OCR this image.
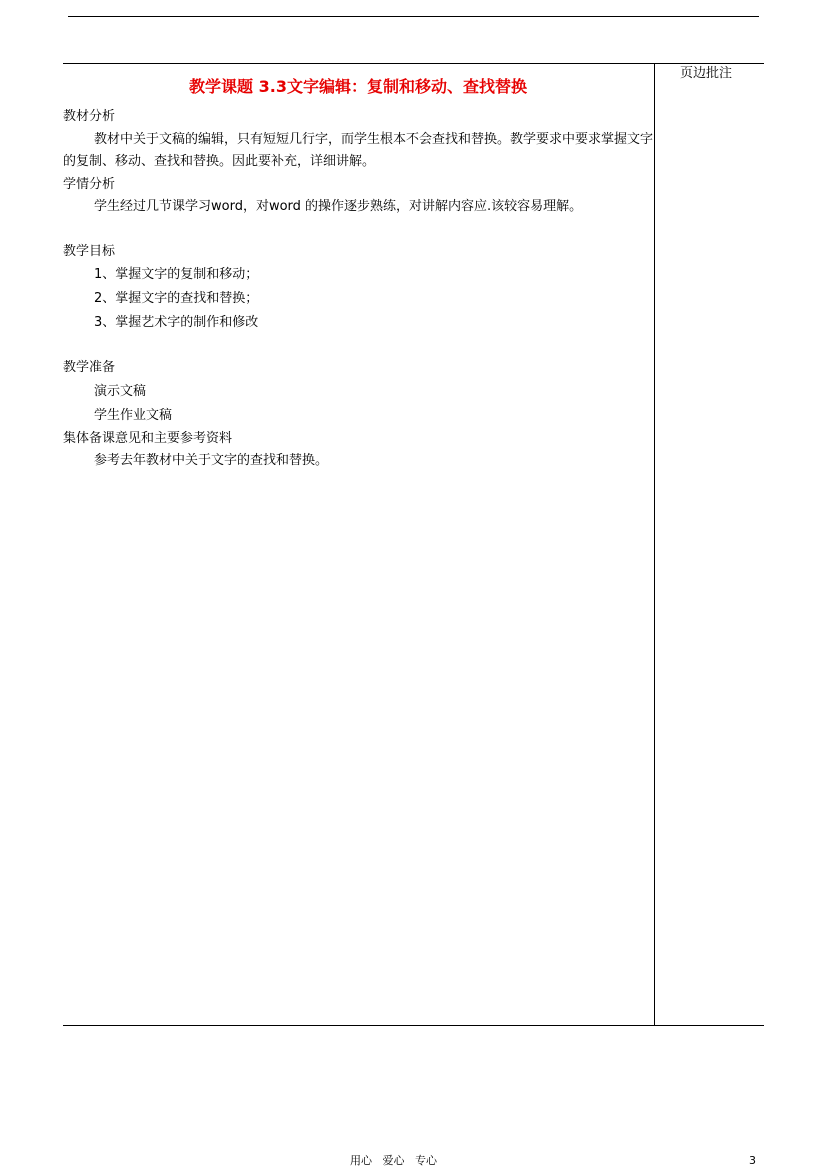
页边批注
教学课题 3.3文字编辑：复制和移动、查找替换
教材分析

教材中关于文稿的编辑，只有短短几行字，而学生根本不会查找和替换。教学要求中要求掌握文字 的复制、移动、查找和替换。因此要补充，详细讲解。

学情分析

学生经过几节课学习word，对word 的操作逐步熟练，对讲解内容应.该较容易理解。

教学目标
1、掌握文字的复制和移动；
2、掌握文字的查找和替换；
3、掌握艺术字的制作和修改
教学准备
演示文稿
学生作业文稿
集体备课意见和主要参考资料

参考去年教材中关于文字的查找和替换。

用心   爱心   专心	3
